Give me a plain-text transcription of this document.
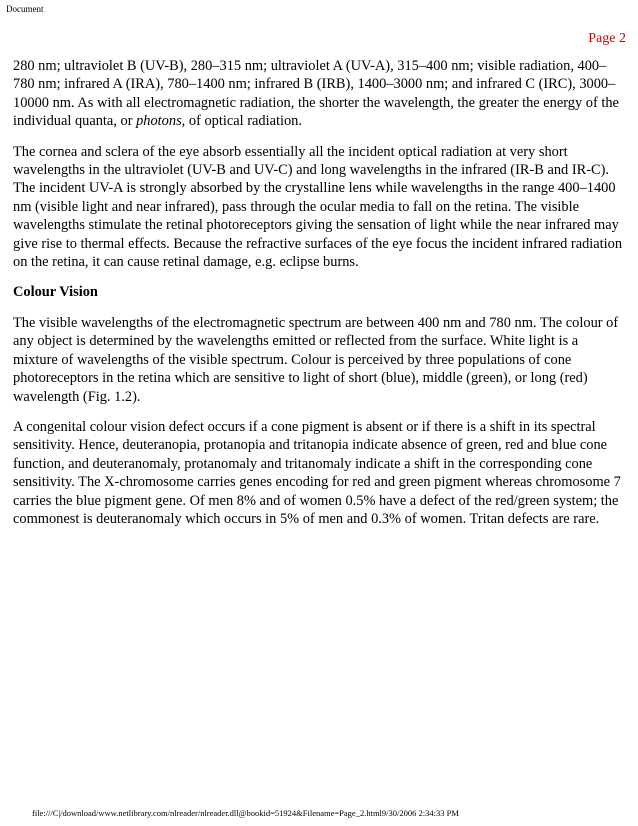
Document
Page 2

280 nm; ultraviolet B (UV-B), 280–315 nm; ultraviolet A (UV-A), 315–400 nm; visible radiation, 400–780 nm; infrared A (IRA), 780–1400 nm; infrared B (IRB), 1400–3000 nm; and infrared C (IRC), 3000–10000 nm. As with all electromagnetic radiation, the shorter the wavelength, the greater the energy of the individual quanta, or photons, of optical radiation.

The cornea and sclera of the eye absorb essentially all the incident optical radiation at very short wavelengths in the ultraviolet (UV-B and UV-C) and long wavelengths in the infrared (IR-B and IR-C). The incident UV-A is strongly absorbed by the crystalline lens while wavelengths in the range 400–1400 nm (visible light and near infrared), pass through the ocular media to fall on the retina. The visible wavelengths stimulate the retinal photoreceptors giving the sensation of light while the near infrared may give rise to thermal effects. Because the refractive surfaces of the eye focus the incident infrared radiation on the retina, it can cause retinal damage, e.g. eclipse burns.

Colour Vision

The visible wavelengths of the electromagnetic spectrum are between 400 nm and 780 nm. The colour of any object is determined by the wavelengths emitted or reflected from the surface. White light is a mixture of wavelengths of the visible spectrum. Colour is perceived by three populations of cone photoreceptors in the retina which are sensitive to light of short (blue), middle (green), or long (red) wavelength (Fig. 1.2).

A congenital colour vision defect occurs if a cone pigment is absent or if there is a shift in its spectral sensitivity. Hence, deuteranopia, protanopia and tritanopia indicate absence of green, red and blue cone function, and deuteranomaly, protanomaly and tritanomaly indicate a shift in the corresponding cone sensitivity. The X-chromosome carries genes encoding for red and green pigment whereas chromosome 7 carries the blue pigment gene. Of men 8% and of women 0.5% have a defect of the red/green system; the commonest is deuteranomaly which occurs in 5% of men and 0.3% of women. Tritan defects are rare.

file:///C|/download/www.netlibrary.com/nlreader/nlreader.dll@bookid=51924&Filename=Page_2.html9/30/2006 2:34:33 PM
